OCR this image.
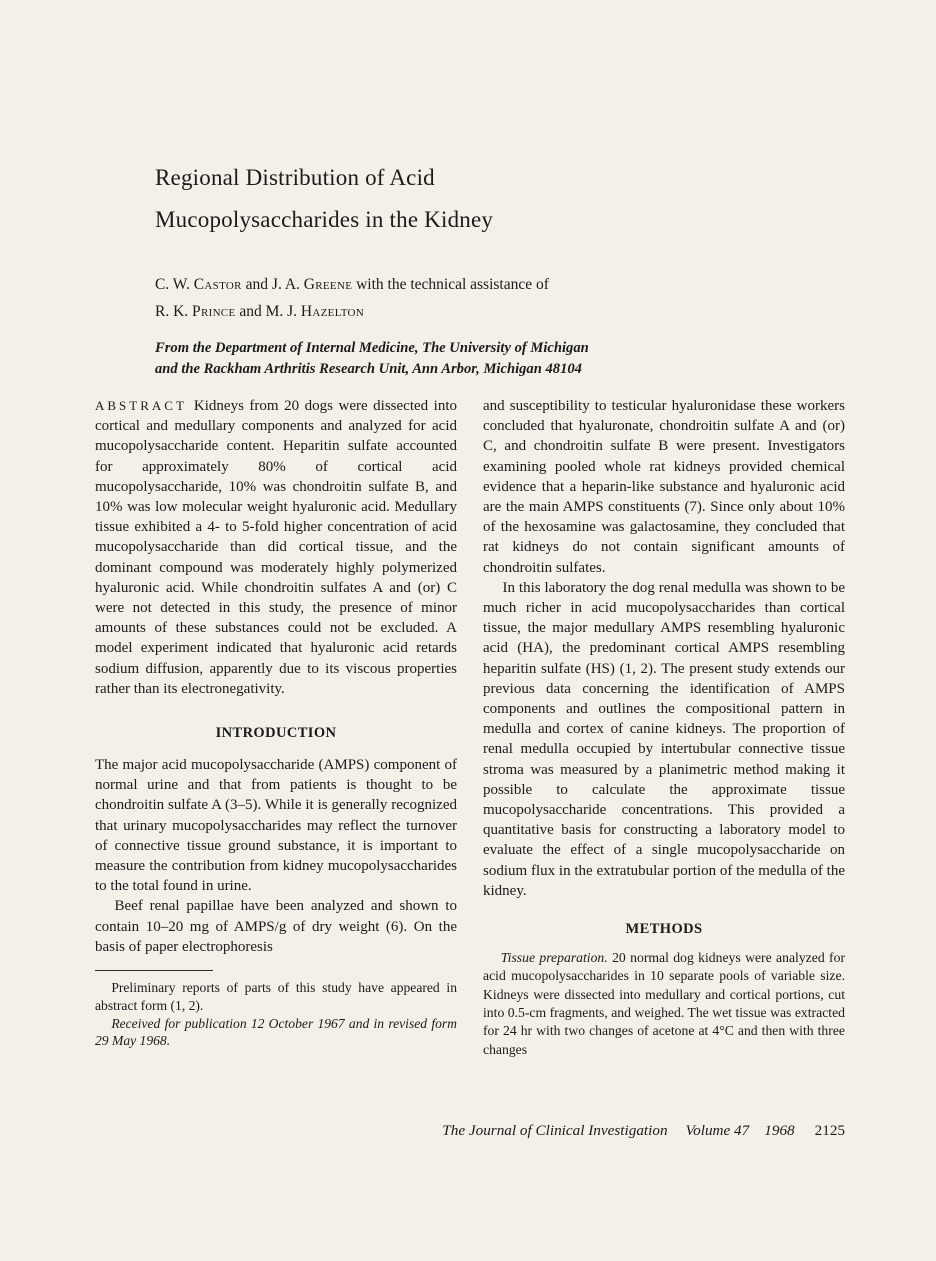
Regional Distribution of Acid
Mucopolysaccharides in the Kidney

C. W. Castor and J. A. Greene with the technical assistance of
R. K. Prince and M. J. Hazelton

From the Department of Internal Medicine, The University of Michigan
and the Rackham Arthritis Research Unit, Ann Arbor, Michigan 48104

ABSTRACT Kidneys from 20 dogs were dissected into cortical and medullary components and analyzed for acid mucopolysaccharide content. Heparitin sulfate accounted for approximately 80% of cortical acid mucopolysaccharide, 10% was chondroitin sulfate B, and 10% was low molecular weight hyaluronic acid. Medullary tissue exhibited a 4- to 5-fold higher concentration of acid mucopolysaccharide than did cortical tissue, and the dominant compound was moderately highly polymerized hyaluronic acid. While chondroitin sulfates A and (or) C were not detected in this study, the presence of minor amounts of these substances could not be excluded. A model experiment indicated that hyaluronic acid retards sodium diffusion, apparently due to its viscous properties rather than its electronegativity.

INTRODUCTION

The major acid mucopolysaccharide (AMPS) component of normal urine and that from patients is thought to be chondroitin sulfate A (3–5). While it is generally recognized that urinary mucopolysaccharides may reflect the turnover of connective tissue ground substance, it is important to measure the contribution from kidney mucopolysaccharides to the total found in urine.

Beef renal papillae have been analyzed and shown to contain 10–20 mg of AMPS/g of dry weight (6). On the basis of paper electrophoresis

Preliminary reports of parts of this study have appeared in abstract form (1, 2).

Received for publication 12 October 1967 and in revised form 29 May 1968.

and susceptibility to testicular hyaluronidase these workers concluded that hyaluronate, chondroitin sulfate A and (or) C, and chondroitin sulfate B were present. Investigators examining pooled whole rat kidneys provided chemical evidence that a heparin-like substance and hyaluronic acid are the main AMPS constituents (7). Since only about 10% of the hexosamine was galactosamine, they concluded that rat kidneys do not contain significant amounts of chondroitin sulfates.

In this laboratory the dog renal medulla was shown to be much richer in acid mucopolysaccharides than cortical tissue, the major medullary AMPS resembling hyaluronic acid (HA), the predominant cortical AMPS resembling heparitin sulfate (HS) (1, 2). The present study extends our previous data concerning the identification of AMPS components and outlines the compositional pattern in medulla and cortex of canine kidneys. The proportion of renal medulla occupied by intertubular connective tissue stroma was measured by a planimetric method making it possible to calculate the approximate tissue mucopolysaccharide concentrations. This provided a quantitative basis for constructing a laboratory model to evaluate the effect of a single mucopolysaccharide on sodium flux in the extratubular portion of the medulla of the kidney.

METHODS

Tissue preparation. 20 normal dog kidneys were analyzed for acid mucopolysaccharides in 10 separate pools of variable size. Kidneys were dissected into medullary and cortical portions, cut into 0.5-cm fragments, and weighed. The wet tissue was extracted for 24 hr with two changes of acetone at 4°C and then with three changes

The Journal of Clinical Investigation Volume 47 1968 2125
